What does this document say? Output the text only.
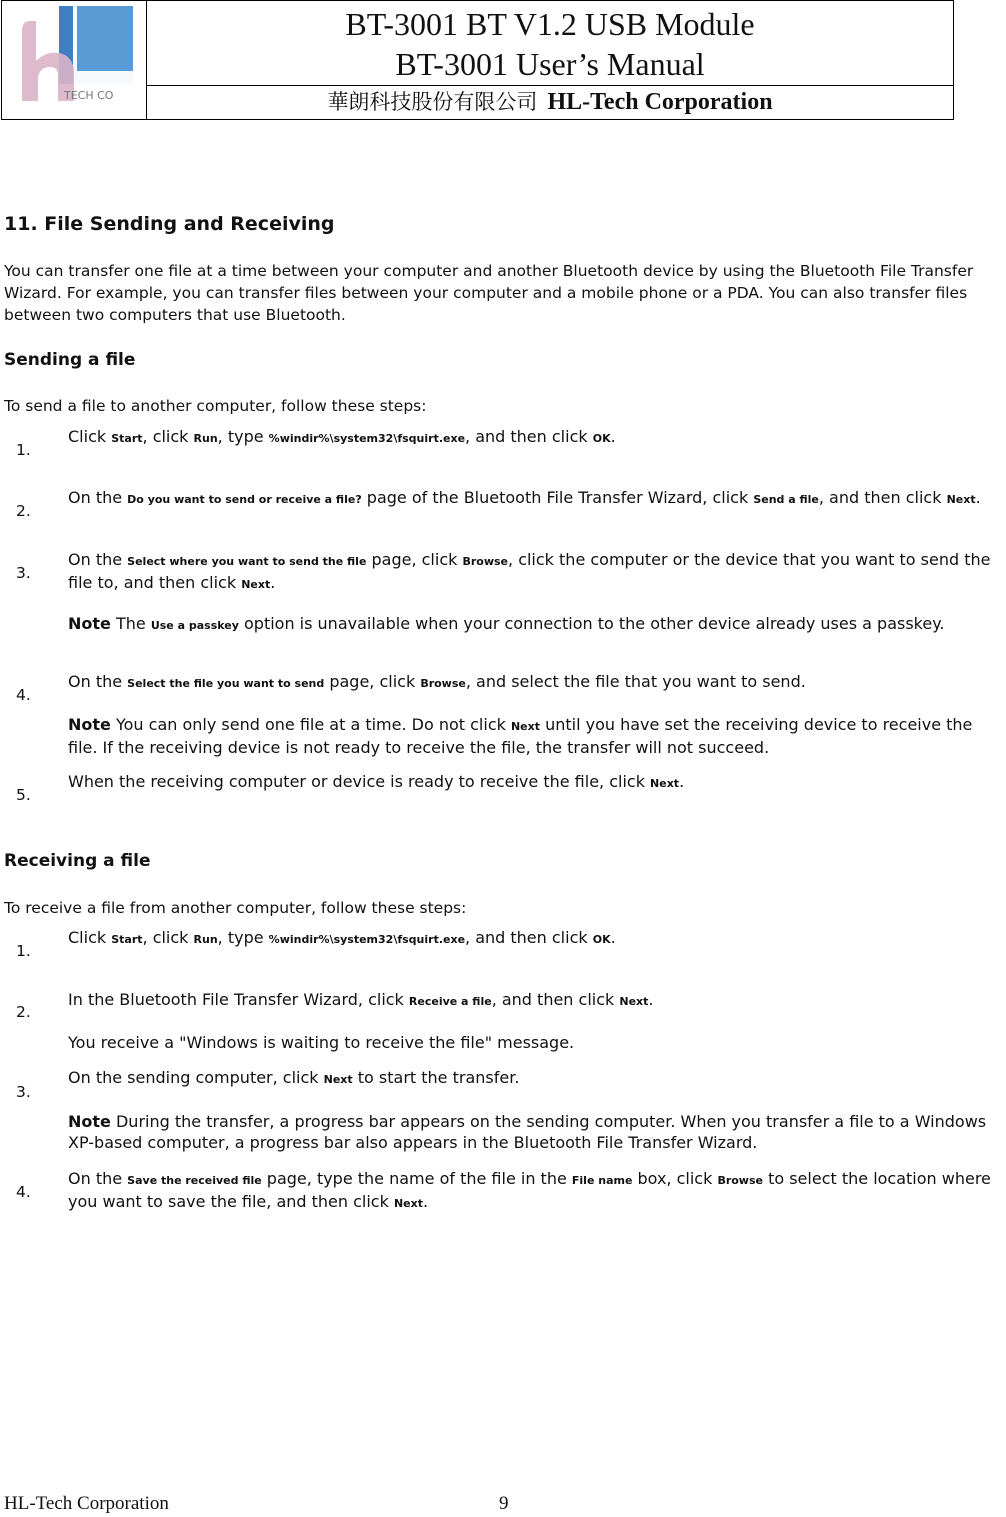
TECH CO
BT-3001 BT V1.2 USB Module
BT-3001 User’s Manual
華朗科技股份有限公司 HL-Tech Corporation
11. File Sending and Receiving
You can transfer one file at a time between your computer and another Bluetooth device by using the Bluetooth File Transfer Wizard. For example, you can transfer files between your computer and a mobile phone or a PDA. You can also transfer files between two computers that use Bluetooth.
Sending a file
To send a file to another computer, follow these steps:
1.
Click Start, click Run, type %windir%\system32\fsquirt.exe, and then click OK.
2.
On the Do you want to send or receive a file? page of the Bluetooth File Transfer Wizard, click Send a file, and then click Next.
3.
On the Select where you want to send the file page, click Browse, click the computer or the device that you want to send the file to, and then click Next.
Note The Use a passkey option is unavailable when your connection to the other device already uses a passkey.
4.
On the Select the file you want to send page, click Browse, and select the file that you want to send.
Note You can only send one file at a time. Do not click Next until you have set the receiving device to receive the file. If the receiving device is not ready to receive the file, the transfer will not succeed.
5.
When the receiving computer or device is ready to receive the file, click Next.
Receiving a file
To receive a file from another computer, follow these steps:
1.
Click Start, click Run, type %windir%\system32\fsquirt.exe, and then click OK.
2.
In the Bluetooth File Transfer Wizard, click Receive a file, and then click Next.
You receive a "Windows is waiting to receive the file" message.
3.
On the sending computer, click Next to start the transfer.
Note During the transfer, a progress bar appears on the sending computer. When you transfer a file to a Windows XP-based computer, a progress bar also appears in the Bluetooth File Transfer Wizard.
4.
On the Save the received file page, type the name of the file in the File name box, click Browse to select the location where you want to save the file, and then click Next.
HL-Tech Corporation	9
